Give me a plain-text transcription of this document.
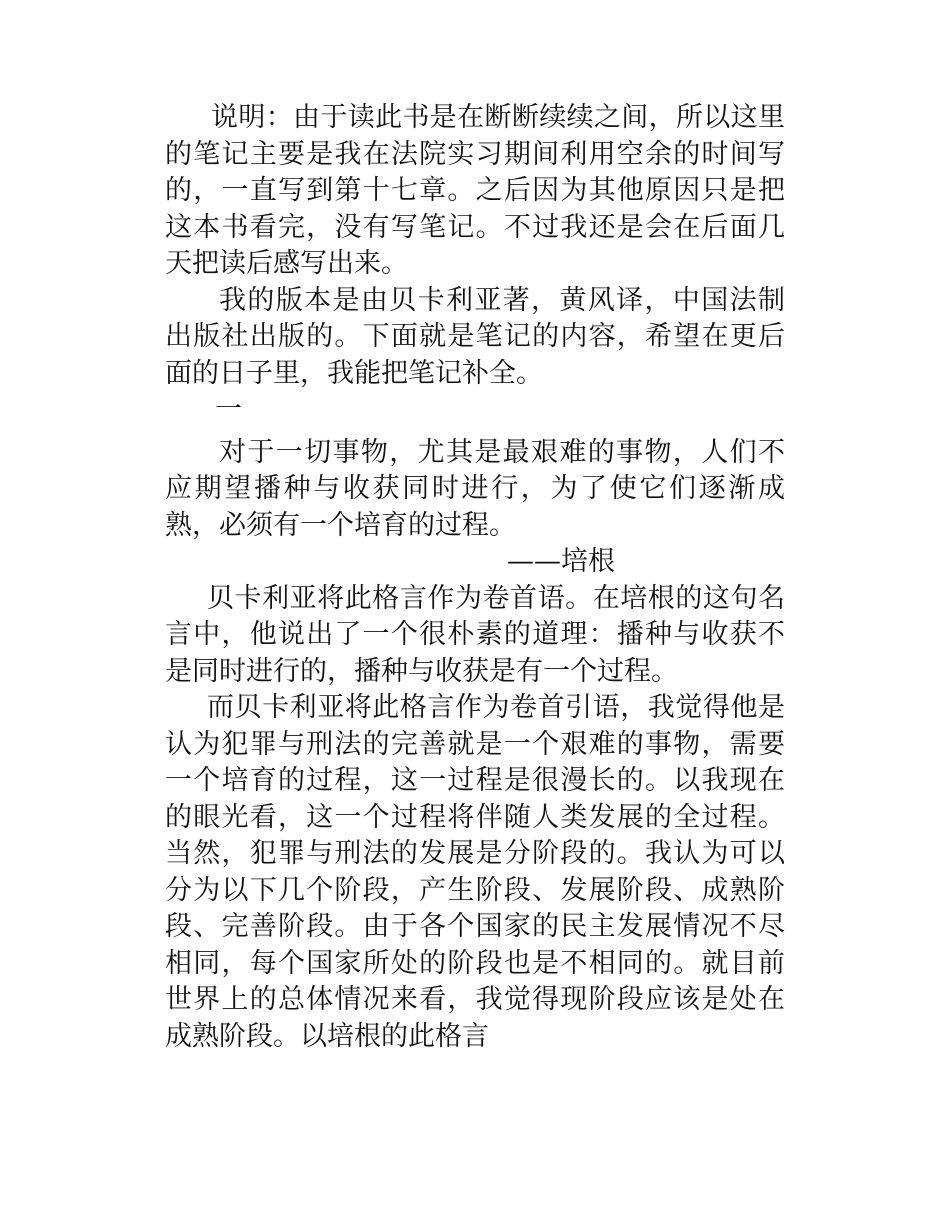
说明：由于读此书是在断断续续之间，所以这里的笔记主要是我在法院实习期间利用空余的时间写的，一直写到第十七章。之后因为其他原因只是把这本书看完，没有写笔记。不过我还是会在后面几天把读后感写出来。

我的版本是由贝卡利亚著，黄风译，中国法制出版社出版的。下面就是笔记的内容，希望在更后面的日子里，我能把笔记补全。

一

对于一切事物，尤其是最艰难的事物，人们不应期望播种与收获同时进行，为了使它们逐渐成熟，必须有一个培育的过程。

——培根

贝卡利亚将此格言作为卷首语。在培根的这句名言中，他说出了一个很朴素的道理：播种与收获不是同时进行的，播种与收获是有一个过程。

而贝卡利亚将此格言作为卷首引语，我觉得他是认为犯罪与刑法的完善就是一个艰难的事物，需要一个培育的过程，这一过程是很漫长的。以我现在的眼光看，这一个过程将伴随人类发展的全过程。当然，犯罪与刑法的发展是分阶段的。我认为可以分为以下几个阶段，产生阶段、发展阶段、成熟阶段、完善阶段。由于各个国家的民主发展情况不尽相同，每个国家所处的阶段也是不相同的。就目前世界上的总体情况来看，我觉得现阶段应该是处在成熟阶段。以培根的此格言
